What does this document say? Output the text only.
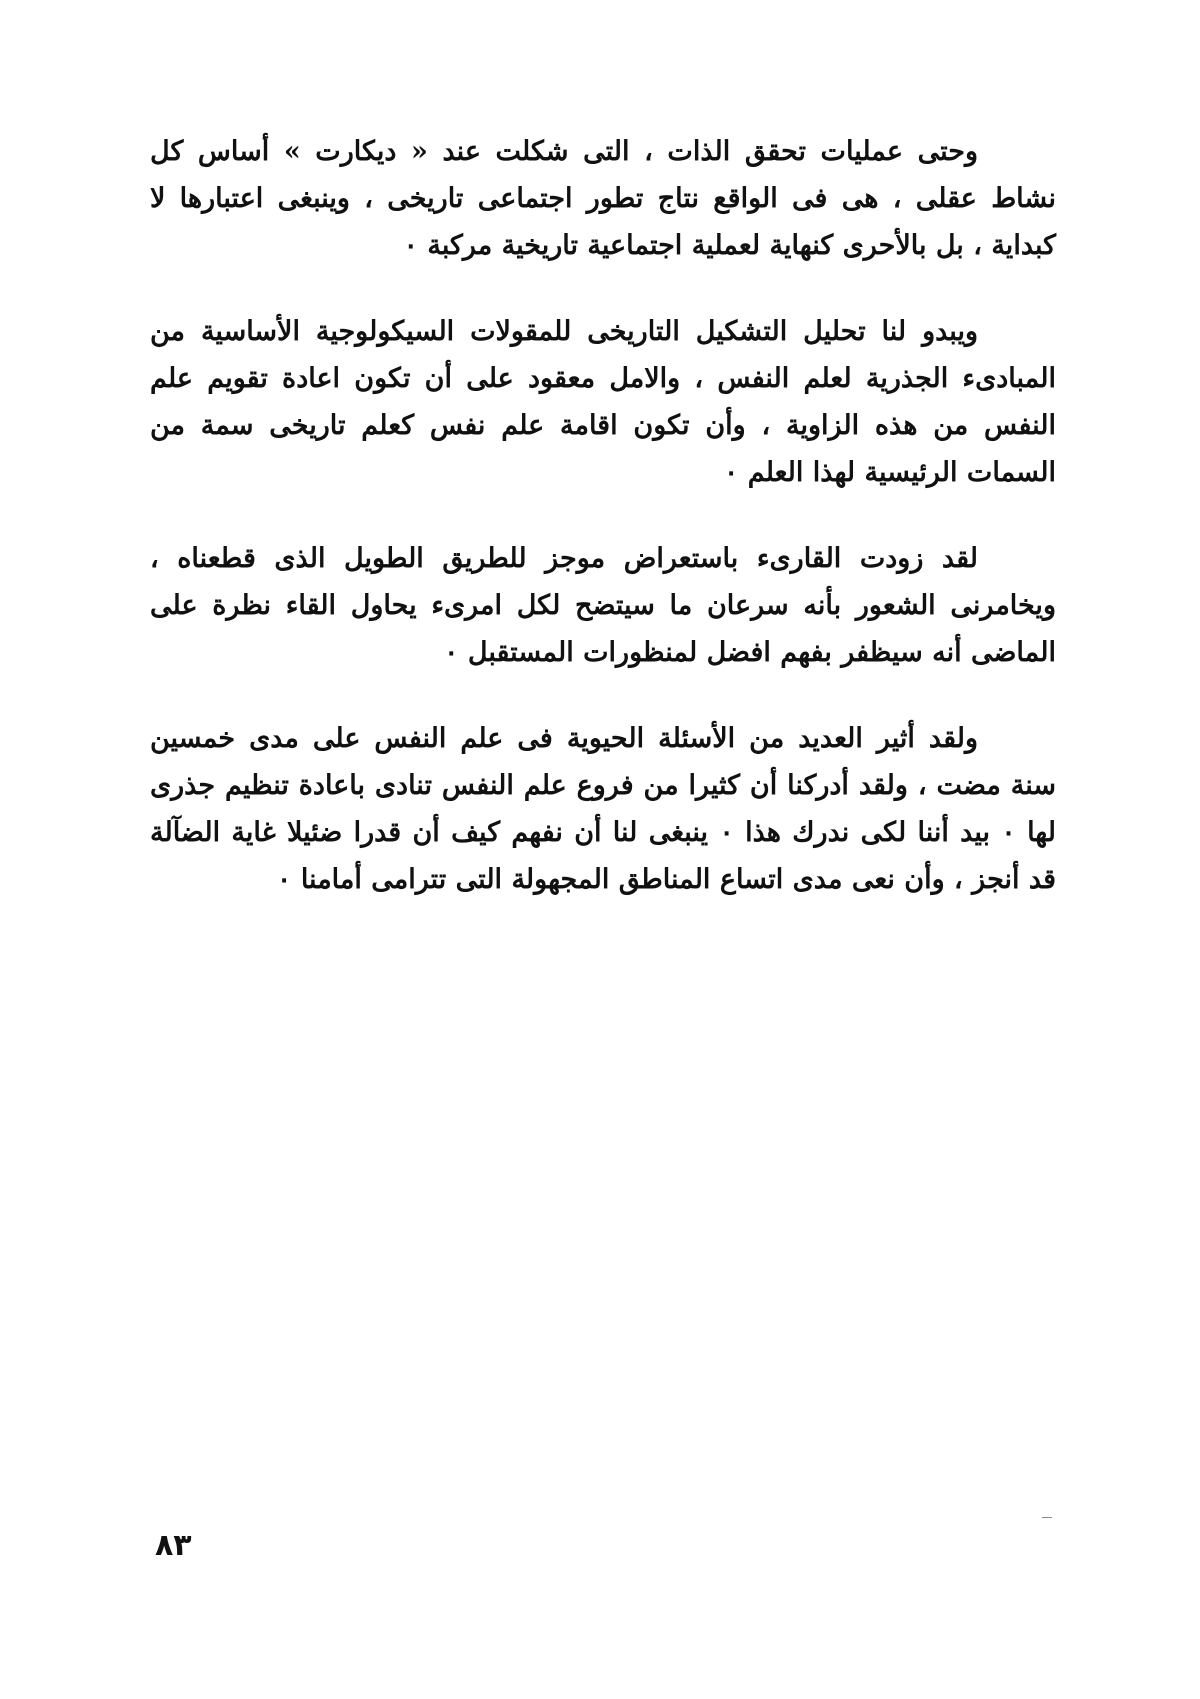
وحتى عمليات تحقق الذات ، التى شكلت عند « ديكارت » أساس كل نشاط عقلى ، هى فى الواقع نتاج تطور اجتماعى تاريخى ، وينبغى اعتبارها لا كبداية ، بل بالأحرى كنهاية لعملية اجتماعية تاريخية مركبة ٠

ويبدو لنا تحليل التشكيل التاريخى للمقولات السيكولوجية الأساسية من المبادىء الجذرية لعلم النفس ، والامل معقود على أن تكون اعادة تقويم علم النفس من هذه الزاوية ، وأن تكون اقامة علم نفس كعلم تاريخى سمة من السمات الرئيسية لهذا العلم ٠

لقد زودت القارىء باستعراض موجز للطريق الطويل الذى قطعناه ، ويخامرنى الشعور بأنه سرعان ما سيتضح لكل امرىء يحاول القاء نظرة على الماضى أنه سيظفر بفهم افضل لمنظورات المستقبل ٠

ولقد أثير العديد من الأسئلة الحيوية فى علم النفس على مدى خمسين سنة مضت ، ولقد أدركنا أن كثيرا من فروع علم النفس تنادى باعادة تنظيم جذرى لها ٠ بيد أننا لكى ندرك هذا ٠ ينبغى لنا أن نفهم كيف أن قدرا ضئيلا غاية الضآلة قد أنجز ، وأن نعى مدى اتساع المناطق المجهولة التى تترامى أمامنا ٠

٨٣
